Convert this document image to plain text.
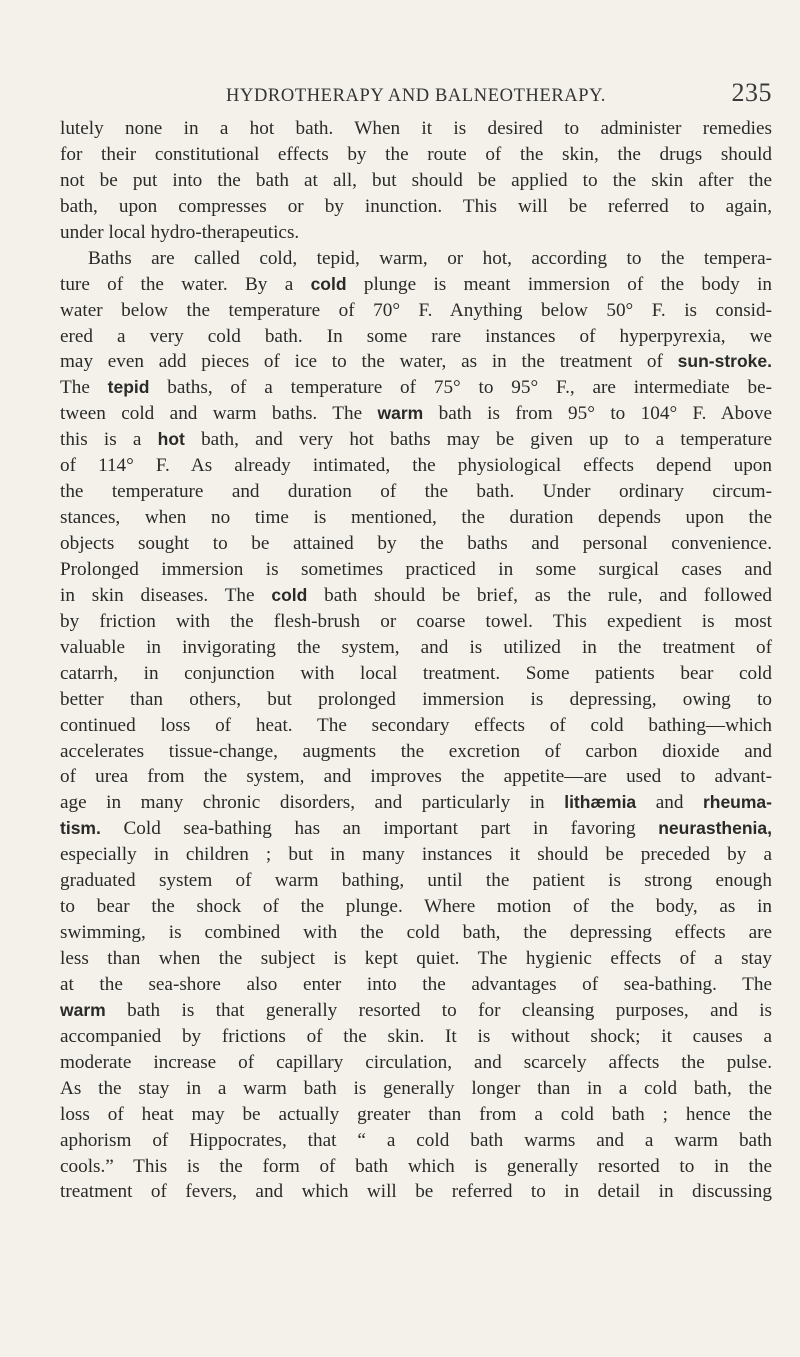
HYDROTHERAPY AND BALNEOTHERAPY.	235
lutely none in a hot bath. When it is desired to administer remedies
for their constitutional effects by the route of the skin, the drugs should
not be put into the bath at all, but should be applied to the skin after the
bath, upon compresses or by inunction. This will be referred to again,
under local hydro-therapeutics.
Baths are called cold, tepid, warm, or hot, according to the tempera-
ture of the water. By a cold plunge is meant immersion of the body in
water below the temperature of 70° F. Anything below 50° F. is consid-
ered a very cold bath. In some rare instances of hyperpyrexia, we
may even add pieces of ice to the water, as in the treatment of sun-stroke.
The tepid baths, of a temperature of 75° to 95° F., are intermediate be-
tween cold and warm baths. The warm bath is from 95° to 104° F. Above
this is a hot bath, and very hot baths may be given up to a temperature
of 114° F. As already intimated, the physiological effects depend upon
the temperature and duration of the bath. Under ordinary circum-
stances, when no time is mentioned, the duration depends upon the
objects sought to be attained by the baths and personal convenience.
Prolonged immersion is sometimes practiced in some surgical cases and
in skin diseases. The cold bath should be brief, as the rule, and followed
by friction with the flesh-brush or coarse towel. This expedient is most
valuable in invigorating the system, and is utilized in the treatment of
catarrh, in conjunction with local treatment. Some patients bear cold
better than others, but prolonged immersion is depressing, owing to
continued loss of heat. The secondary effects of cold bathing—which
accelerates tissue-change, augments the excretion of carbon dioxide and
of urea from the system, and improves the appetite—are used to advant-
age in many chronic disorders, and particularly in lithæmia and rheuma-
tism. Cold sea-bathing has an important part in favoring neurasthenia,
especially in children ; but in many instances it should be preceded by a
graduated system of warm bathing, until the patient is strong enough
to bear the shock of the plunge. Where motion of the body, as in
swimming, is combined with the cold bath, the depressing effects are
less than when the subject is kept quiet. The hygienic effects of a stay
at the sea-shore also enter into the advantages of sea-bathing. The
warm bath is that generally resorted to for cleansing purposes, and is
accompanied by frictions of the skin. It is without shock; it causes a
moderate increase of capillary circulation, and scarcely affects the pulse.
As the stay in a warm bath is generally longer than in a cold bath, the
loss of heat may be actually greater than from a cold bath ; hence the
aphorism of Hippocrates, that “ a cold bath warms and a warm bath
cools.” This is the form of bath which is generally resorted to in the
treatment of fevers, and which will be referred to in detail in discussing
